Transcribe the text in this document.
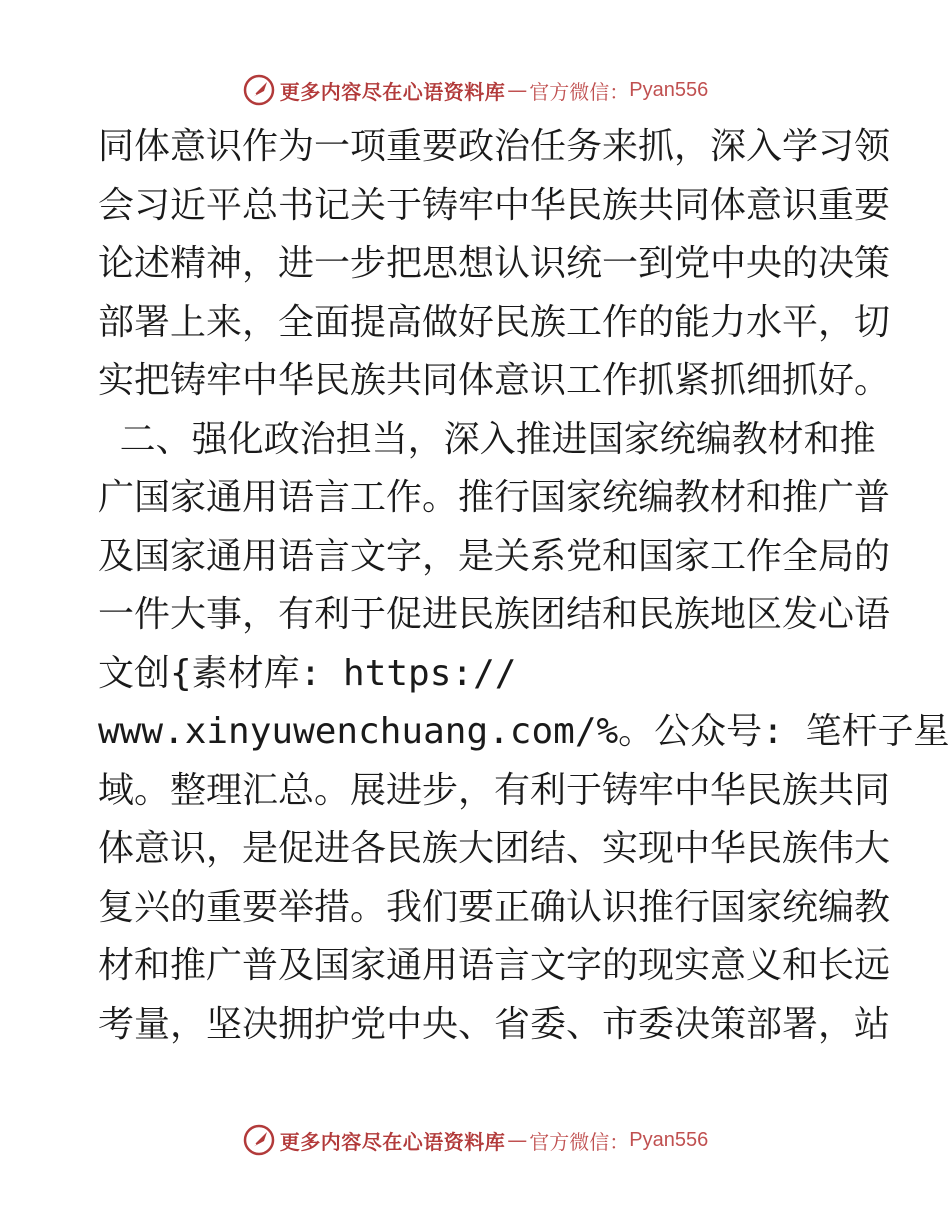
更多内容尽在心语资料库 — 官方微信： Pyan556
同体意识作为一项重要政治任务来抓，深入学习领
会习近平总书记关于铸牢中华民族共同体意识重要
论述精神，进一步把思想认识统一到党中央的决策
部署上来，全面提高做好民族工作的能力水平，切
实把铸牢中华民族共同体意识工作抓紧抓细抓好。
二、强化政治担当，深入推进国家统编教材和推
广国家通用语言工作。推行国家统编教材和推广普
及国家通用语言文字，是关系党和国家工作全局的
一件大事，有利于促进民族团结和民族地区发心语
文创{素材库: https://
www.xinyuwenchuang.com/%。公众号: 笔杆子星
域。整理汇总。展进步，有利于铸牢中华民族共同
体意识，是促进各民族大团结、实现中华民族伟大
复兴的重要举措。我们要正确认识推行国家统编教
材和推广普及国家通用语言文字的现实意义和长远
考量，坚决拥护党中央、省委、市委决策部署，站
更多内容尽在心语资料库 — 官方微信： Pyan556
